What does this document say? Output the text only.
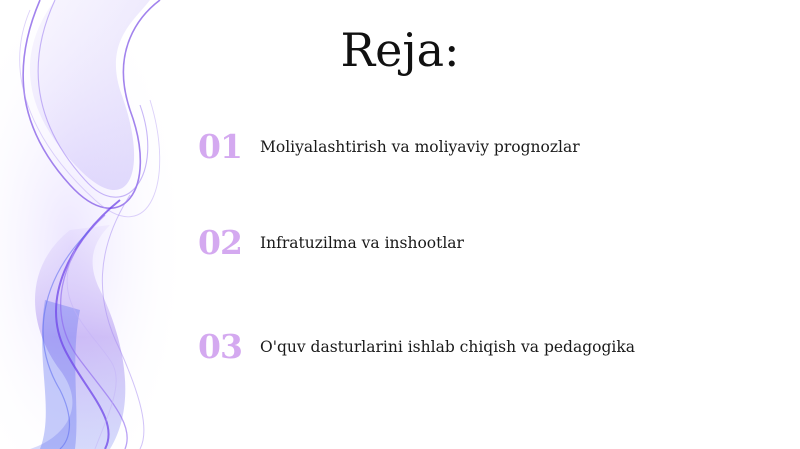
Reja:
01	Moliyalashtirish va moliyaviy prognozlar
02	Infratuzilma va inshootlar
03	O'quv dasturlarini ishlab chiqish va pedagogika
